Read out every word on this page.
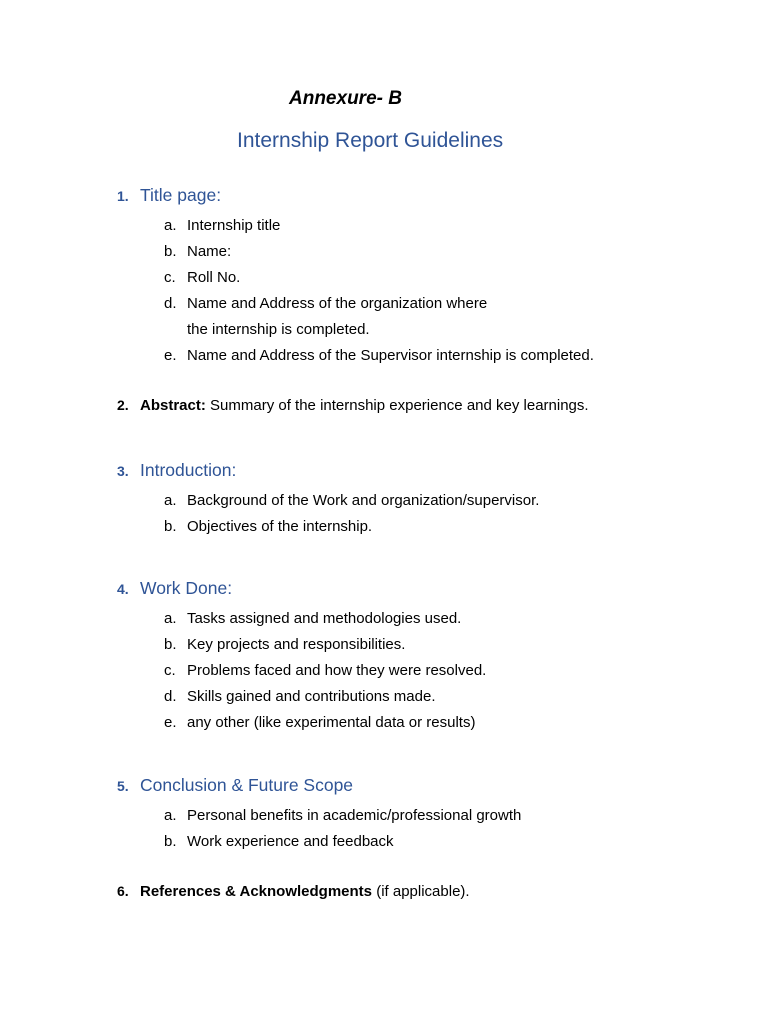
Annexure- B
Internship Report Guidelines
1. Title page:
a. Internship title
b. Name:
c. Roll No.
d. Name and Address of the organization where
the internship is completed.
e. Name and Address of the Supervisor internship is completed.
2. Abstract: Summary of the internship experience and key learnings.
3. Introduction:
a. Background of the Work and organization/supervisor.
b. Objectives of the internship.
4. Work Done:
a. Tasks assigned and methodologies used.
b. Key projects and responsibilities.
c. Problems faced and how they were resolved.
d. Skills gained and contributions made.
e. any other (like experimental data or results)
5. Conclusion & Future Scope
a. Personal benefits in academic/professional growth
b. Work experience and feedback
6. References & Acknowledgments (if applicable).
